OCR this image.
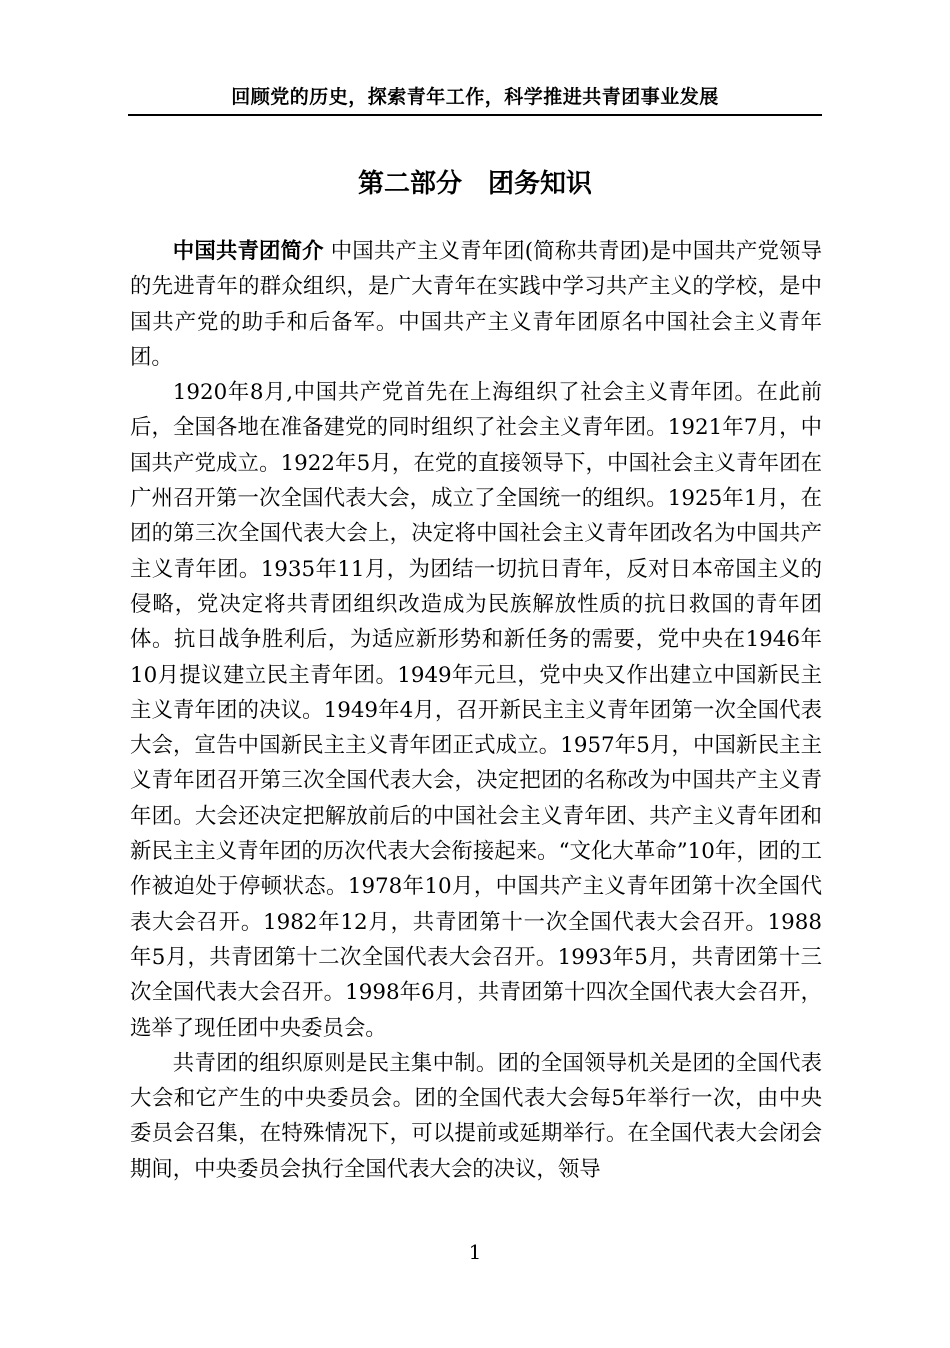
回顾党的历史，探索青年工作，科学推进共青团事业发展
第二部分　团务知识

中国共青团简介 中国共产主义青年团(简称共青团)是中国共产党领导的先进青年的群众组织，是广大青年在实践中学习共产主义的学校，是中国共产党的助手和后备军。中国共产主义青年团原名中国社会主义青年团。

1920年8月,中国共产党首先在上海组织了社会主义青年团。在此前后，全国各地在准备建党的同时组织了社会主义青年团。1921年7月，中国共产党成立。1922年5月，在党的直接领导下，中国社会主义青年团在广州召开第一次全国代表大会，成立了全国统一的组织。1925年1月，在团的第三次全国代表大会上，决定将中国社会主义青年团改名为中国共产主义青年团。1935年11月，为团结一切抗日青年，反对日本帝国主义的侵略，党决定将共青团组织改造成为民族解放性质的抗日救国的青年团体。抗日战争胜利后，为适应新形势和新任务的需要，党中央在1946年10月提议建立民主青年团。1949年元旦，党中央又作出建立中国新民主主义青年团的决议。1949年4月，召开新民主主义青年团第一次全国代表大会，宣告中国新民主主义青年团正式成立。1957年5月，中国新民主主义青年团召开第三次全国代表大会，决定把团的名称改为中国共产主义青年团。大会还决定把解放前后的中国社会主义青年团、共产主义青年团和新民主主义青年团的历次代表大会衔接起来。“文化大革命”10年，团的工作被迫处于停顿状态。1978年10月，中国共产主义青年团第十次全国代表大会召开。1982年12月，共青团第十一次全国代表大会召开。1988年5月，共青团第十二次全国代表大会召开。1993年5月，共青团第十三次全国代表大会召开。1998年6月，共青团第十四次全国代表大会召开，选举了现任团中央委员会。

共青团的组织原则是民主集中制。团的全国领导机关是团的全国代表大会和它产生的中央委员会。团的全国代表大会每5年举行一次，由中央委员会召集，在特殊情况下，可以提前或延期举行。在全国代表大会闭会期间，中央委员会执行全国代表大会的决议，领导

1
